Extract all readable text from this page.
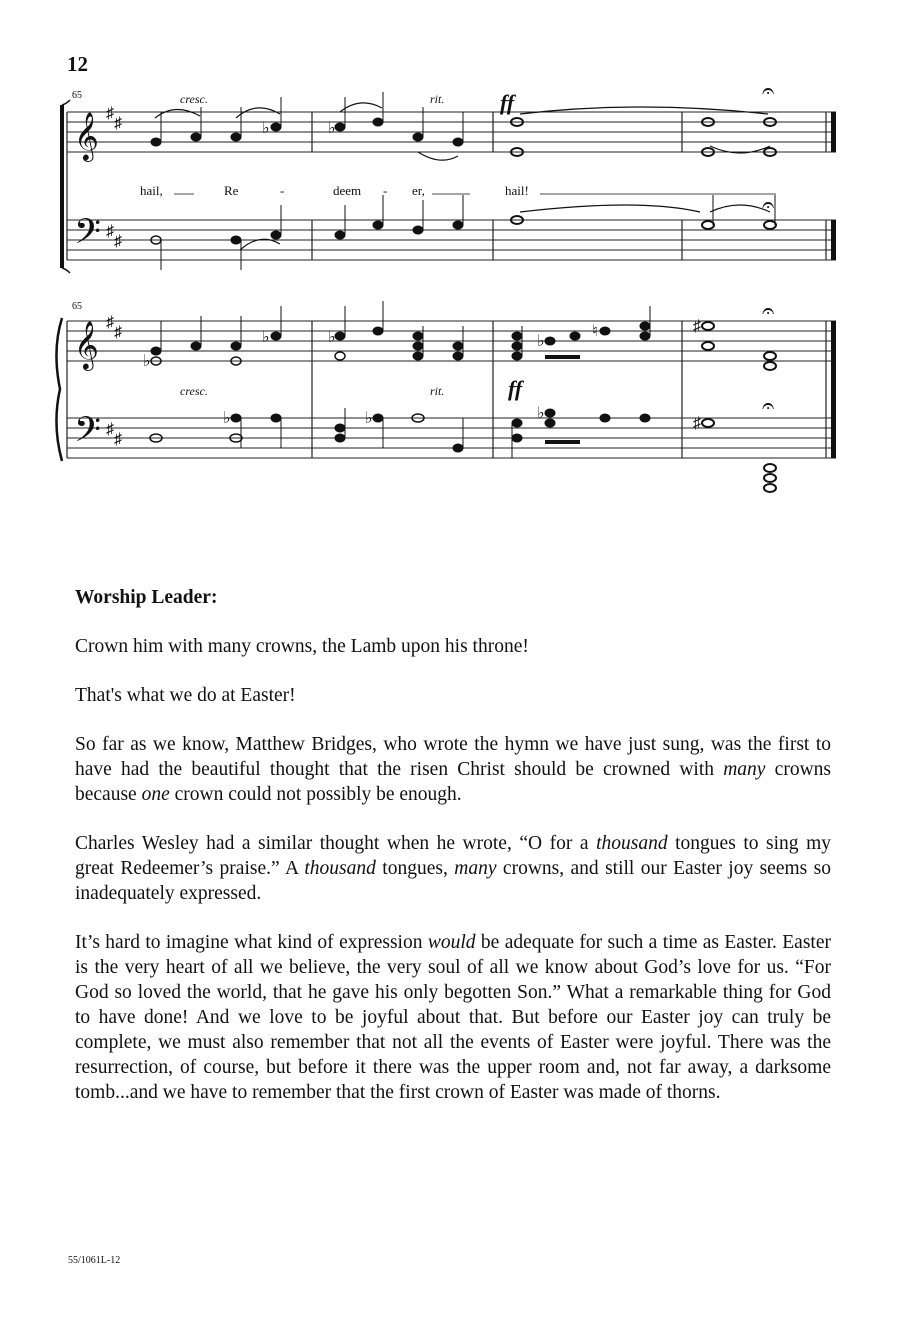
12
𝄞
𝄢
𝄞
𝄢
♯
♯
♯
♯
♯
♯
♯
♯
65
65
cresc.	rit.	ff
cresc.	rit.	ff
𝄐
𝄐
𝄐
𝄐
hail,	Re	-	deem - er,	hail!
♭	♭
♭	♭
♭
♭
♭	♭	♭
♯
♯
♮
Worship Leader:

Crown him with many crowns, the Lamb upon his throne!

That's what we do at Easter!

So far as we know, Matthew Bridges, who wrote the hymn we have just sung, was the first to have had the beautiful thought that the risen Christ should be crowned with many crowns because one crown could not possibly be enough.

Charles Wesley had a similar thought when he wrote, “O for a thousand tongues to sing my great Redeemer’s praise.” A thousand tongues, many crowns, and still our Easter joy seems so inadequately expressed.

It’s hard to imagine what kind of expression would be adequate for such a time as Easter. Easter is the very heart of all we believe, the very soul of all we know about God’s love for us. “For God so loved the world, that he gave his only begotten Son.” What a remarkable thing for God to have done! And we love to be joyful about that. But before our Easter joy can truly be complete, we must also remember that not all the events of Easter were joyful. There was the resurrection, of course, but before it there was the upper room and, not far away, a darksome tomb...and we have to remember that the first crown of Easter was made of thorns.

55/1061L-12
